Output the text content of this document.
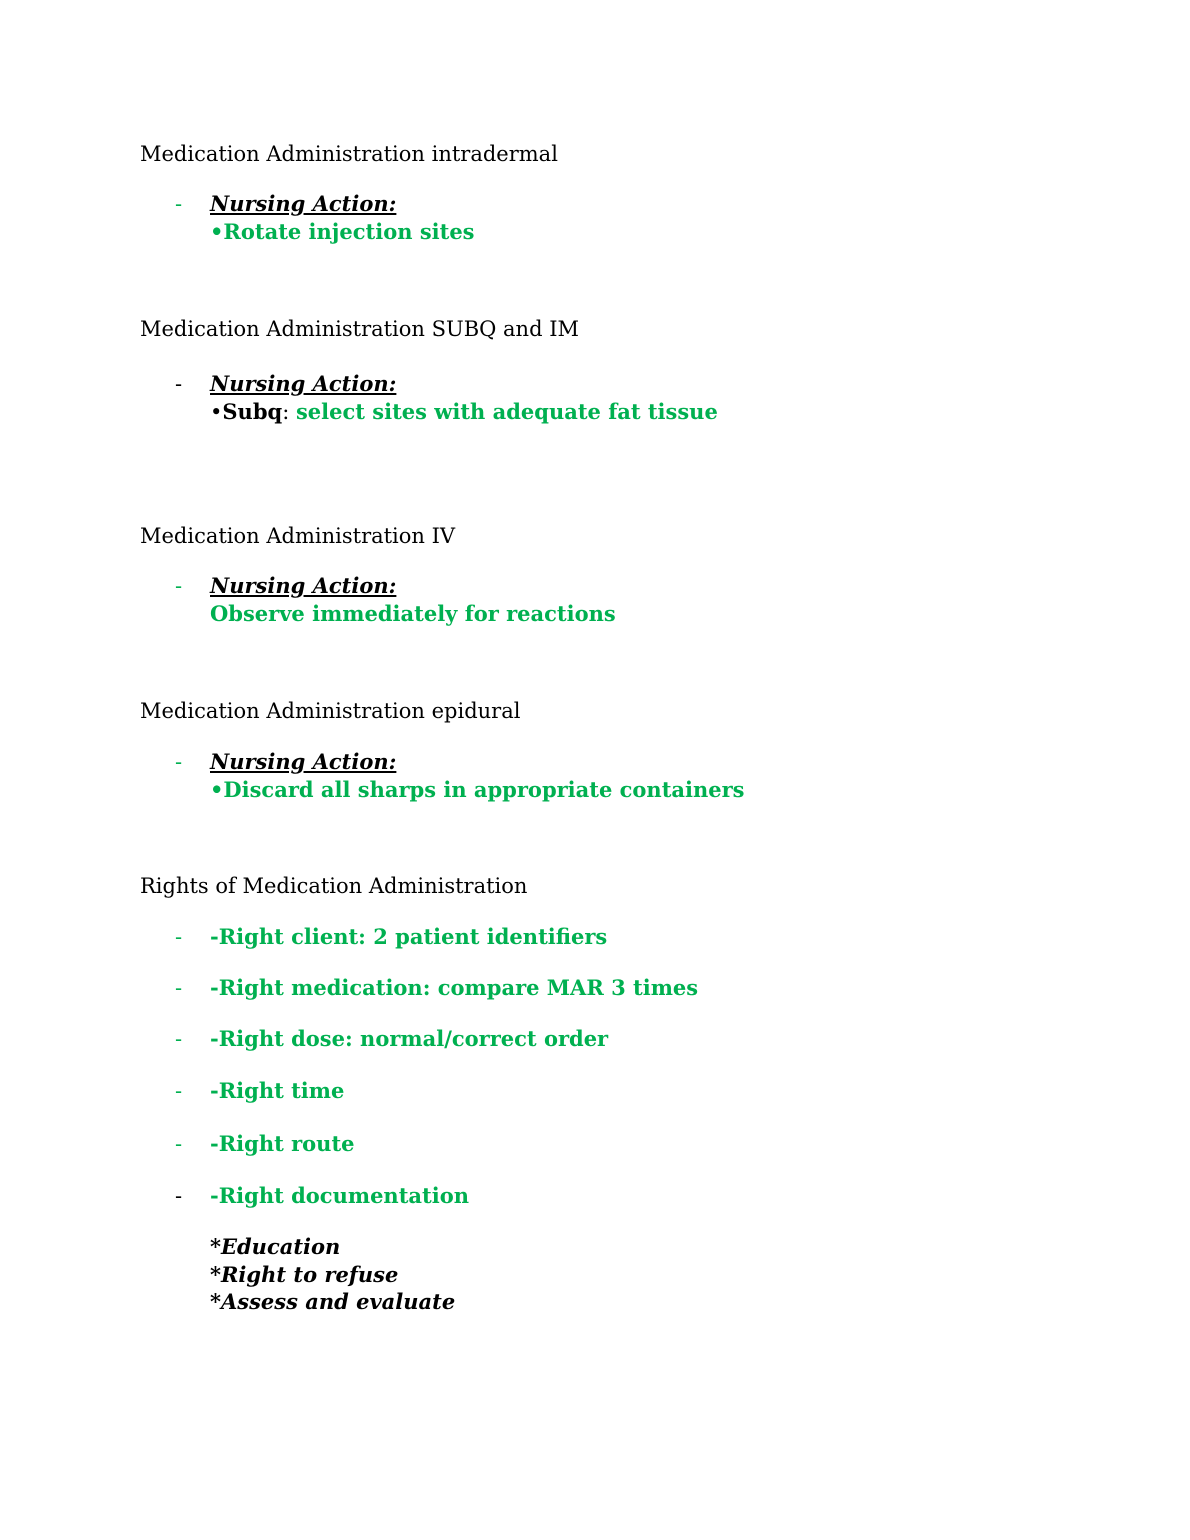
Medication Administration intradermal
- Nursing Action:
•Rotate injection sites
Medication Administration SUBQ and IM
- Nursing Action:
•Subq: select sites with adequate fat tissue
Medication Administration IV
- Nursing Action:
Observe immediately for reactions
Medication Administration epidural
- Nursing Action:
•Discard all sharps in appropriate containers
Rights of Medication Administration
- -Right client: 2 patient identifiers
- -Right medication: compare MAR 3 times
- -Right dose: normal/correct order
- -Right time
- -Right route
- -Right documentation
*Education
*Right to refuse
*Assess and evaluate
